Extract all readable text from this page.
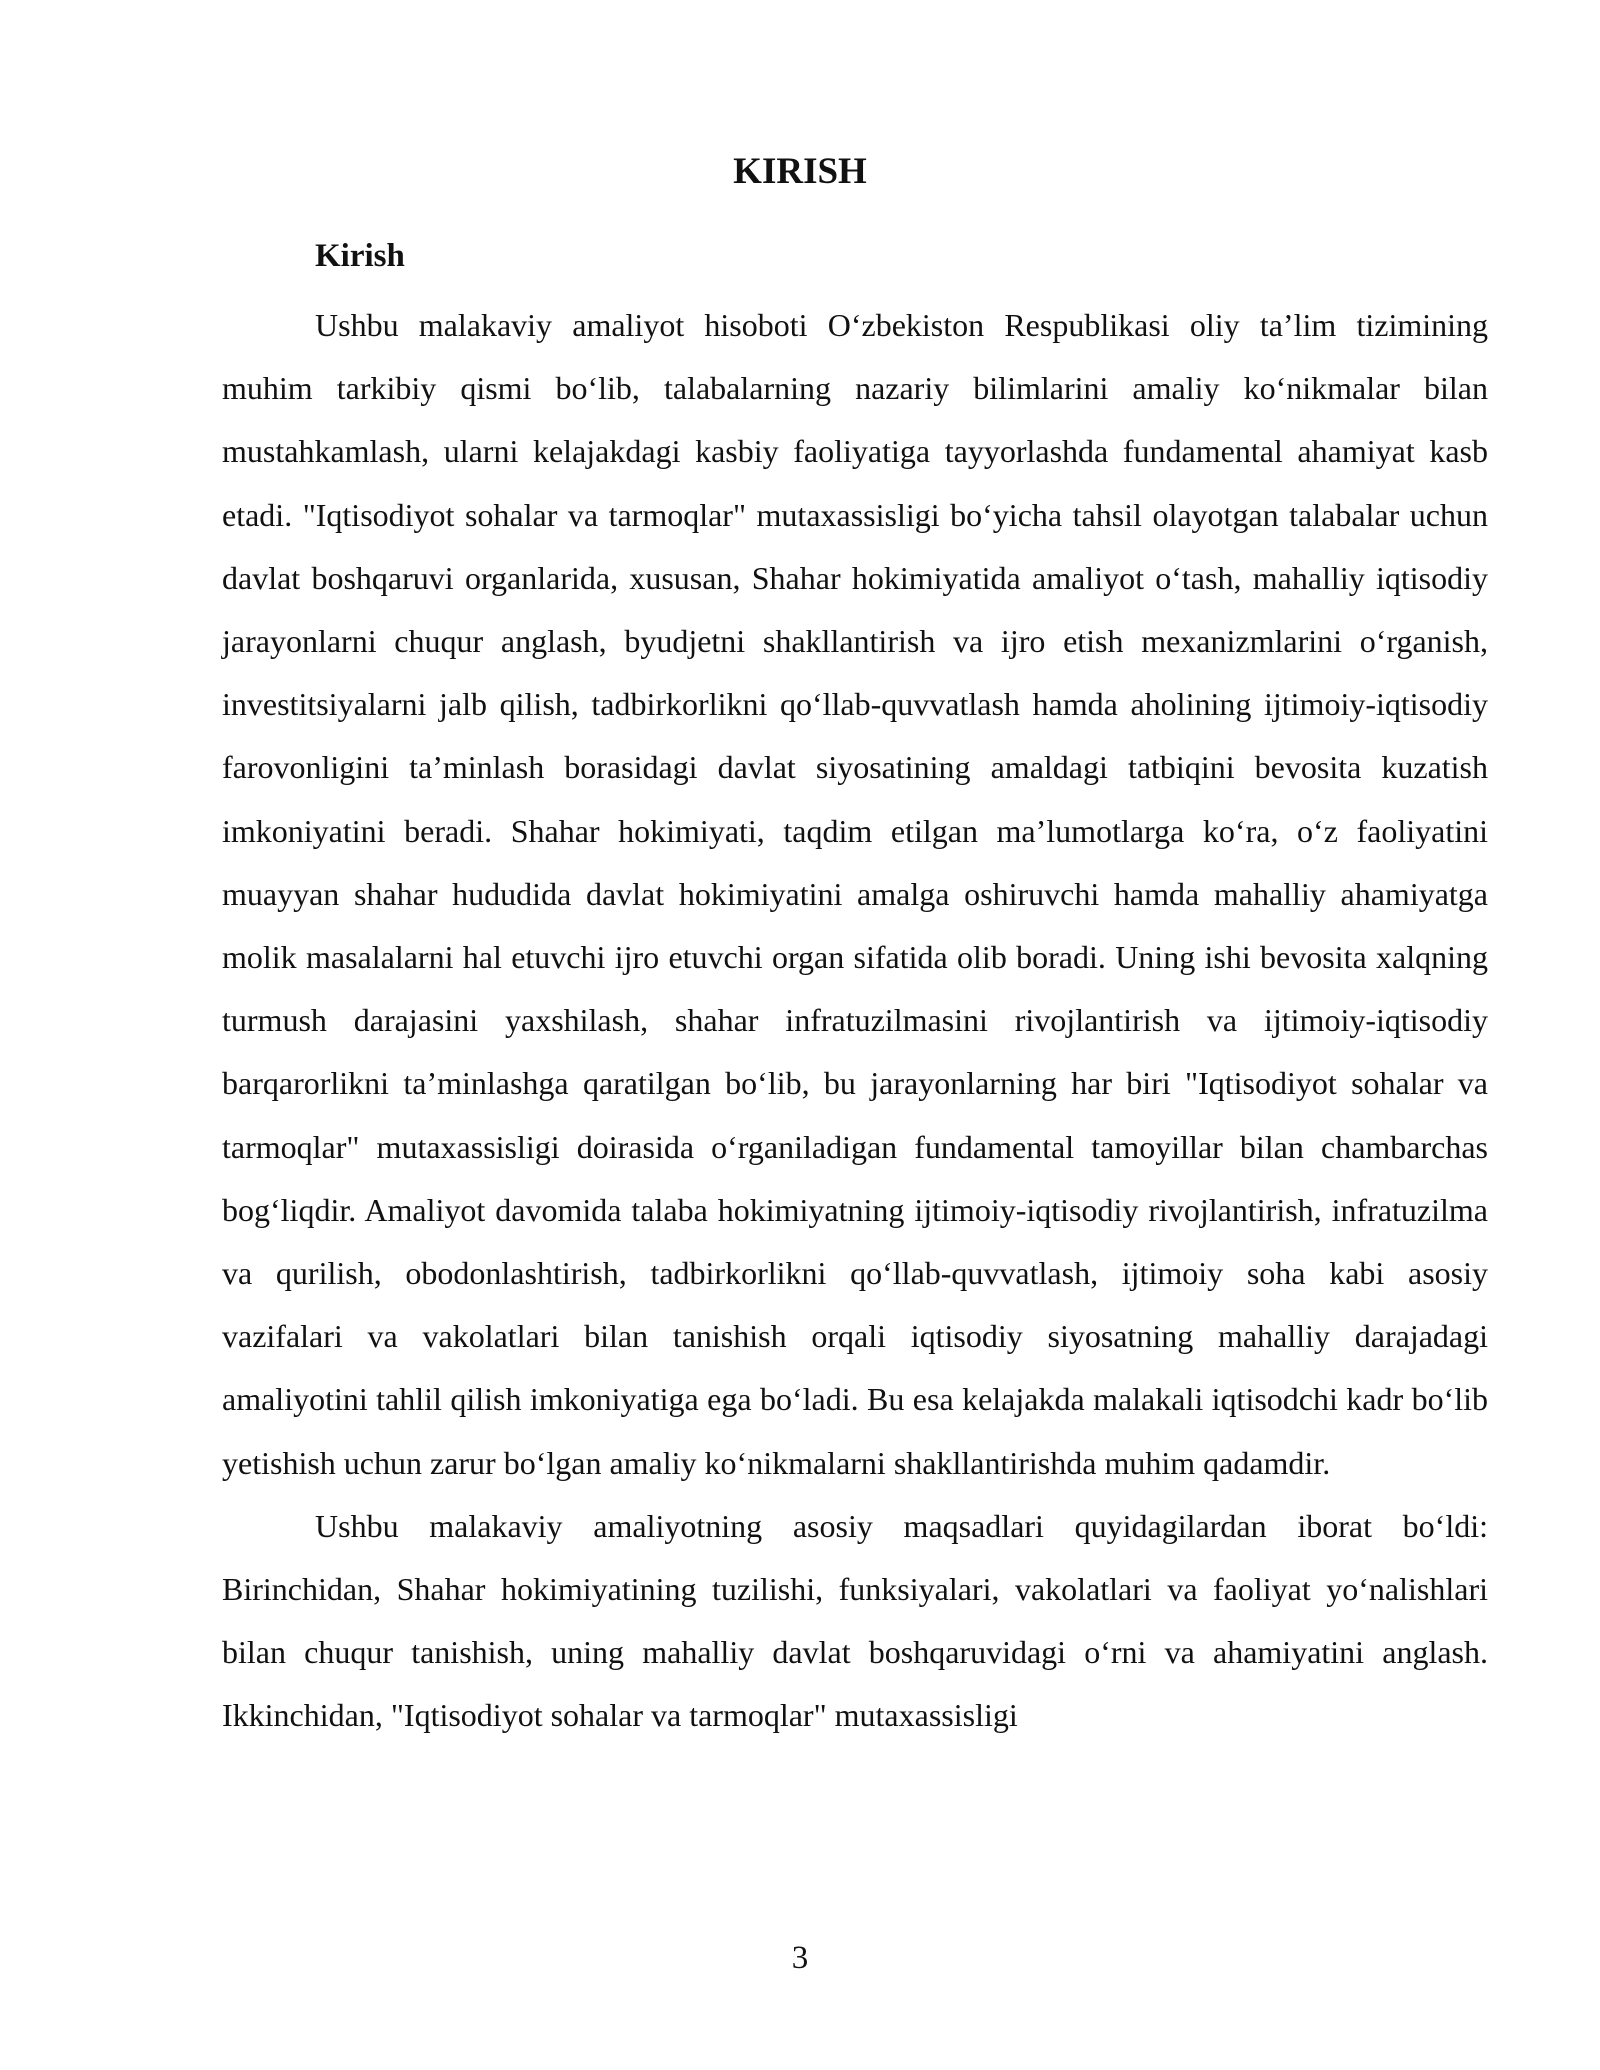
KIRISH
Kirish

Ushbu malakaviy amaliyot hisoboti O‘zbekiston Respublikasi oliy ta’lim tizimining muhim tarkibiy qismi bo‘lib, talabalarning nazariy bilimlarini amaliy ko‘nikmalar bilan mustahkamlash, ularni kelajakdagi kasbiy faoliyatiga tayyorlashda fundamental ahamiyat kasb etadi. "Iqtisodiyot sohalar va tarmoqlar" mutaxassisligi bo‘yicha tahsil olayotgan talabalar uchun davlat boshqaruvi organlarida, xususan, Shahar hokimiyatida amaliyot o‘tash, mahalliy iqtisodiy jarayonlarni chuqur anglash, byudjetni shakllantirish va ijro etish mexanizmlarini o‘rganish, investitsiyalarni jalb qilish, tadbirkorlikni qo‘llab-quvvatlash hamda aholining ijtimoiy-iqtisodiy farovonligini ta’minlash borasidagi davlat siyosatining amaldagi tatbiqini bevosita kuzatish imkoniyatini beradi. Shahar hokimiyati, taqdim etilgan ma’lumotlarga ko‘ra, o‘z faoliyatini muayyan shahar hududida davlat hokimiyatini amalga oshiruvchi hamda mahalliy ahamiyatga molik masalalarni hal etuvchi ijro etuvchi organ sifatida olib boradi. Uning ishi bevosita xalqning turmush darajasini yaxshilash, shahar infratuzilmasini rivojlantirish va ijtimoiy-iqtisodiy barqarorlikni ta’minlashga qaratilgan bo‘lib, bu jarayonlarning har biri "Iqtisodiyot sohalar va tarmoqlar" mutaxassisligi doirasida o‘rganiladigan fundamental tamoyillar bilan chambarchas bog‘liqdir. Amaliyot davomida talaba hokimiyatning ijtimoiy-iqtisodiy rivojlantirish, infratuzilma va qurilish, obodonlashtirish, tadbirkorlikni qo‘llab-quvvatlash, ijtimoiy soha kabi asosiy vazifalari va vakolatlari bilan tanishish orqali iqtisodiy siyosatning mahalliy darajadagi amaliyotini tahlil qilish imkoniyatiga ega bo‘ladi. Bu esa kelajakda malakali iqtisodchi kadr bo‘lib yetishish uchun zarur bo‘lgan amaliy ko‘nikmalarni shakllantirishda muhim qadamdir.

Ushbu malakaviy amaliyotning asosiy maqsadlari quyidagilardan iborat bo‘ldi: Birinchidan, Shahar hokimiyatining tuzilishi, funksiyalari, vakolatlari va faoliyat yo‘nalishlari bilan chuqur tanishish, uning mahalliy davlat boshqaruvidagi o‘rni va ahamiyatini anglash. Ikkinchidan, "Iqtisodiyot sohalar va tarmoqlar" mutaxassisligi

3
